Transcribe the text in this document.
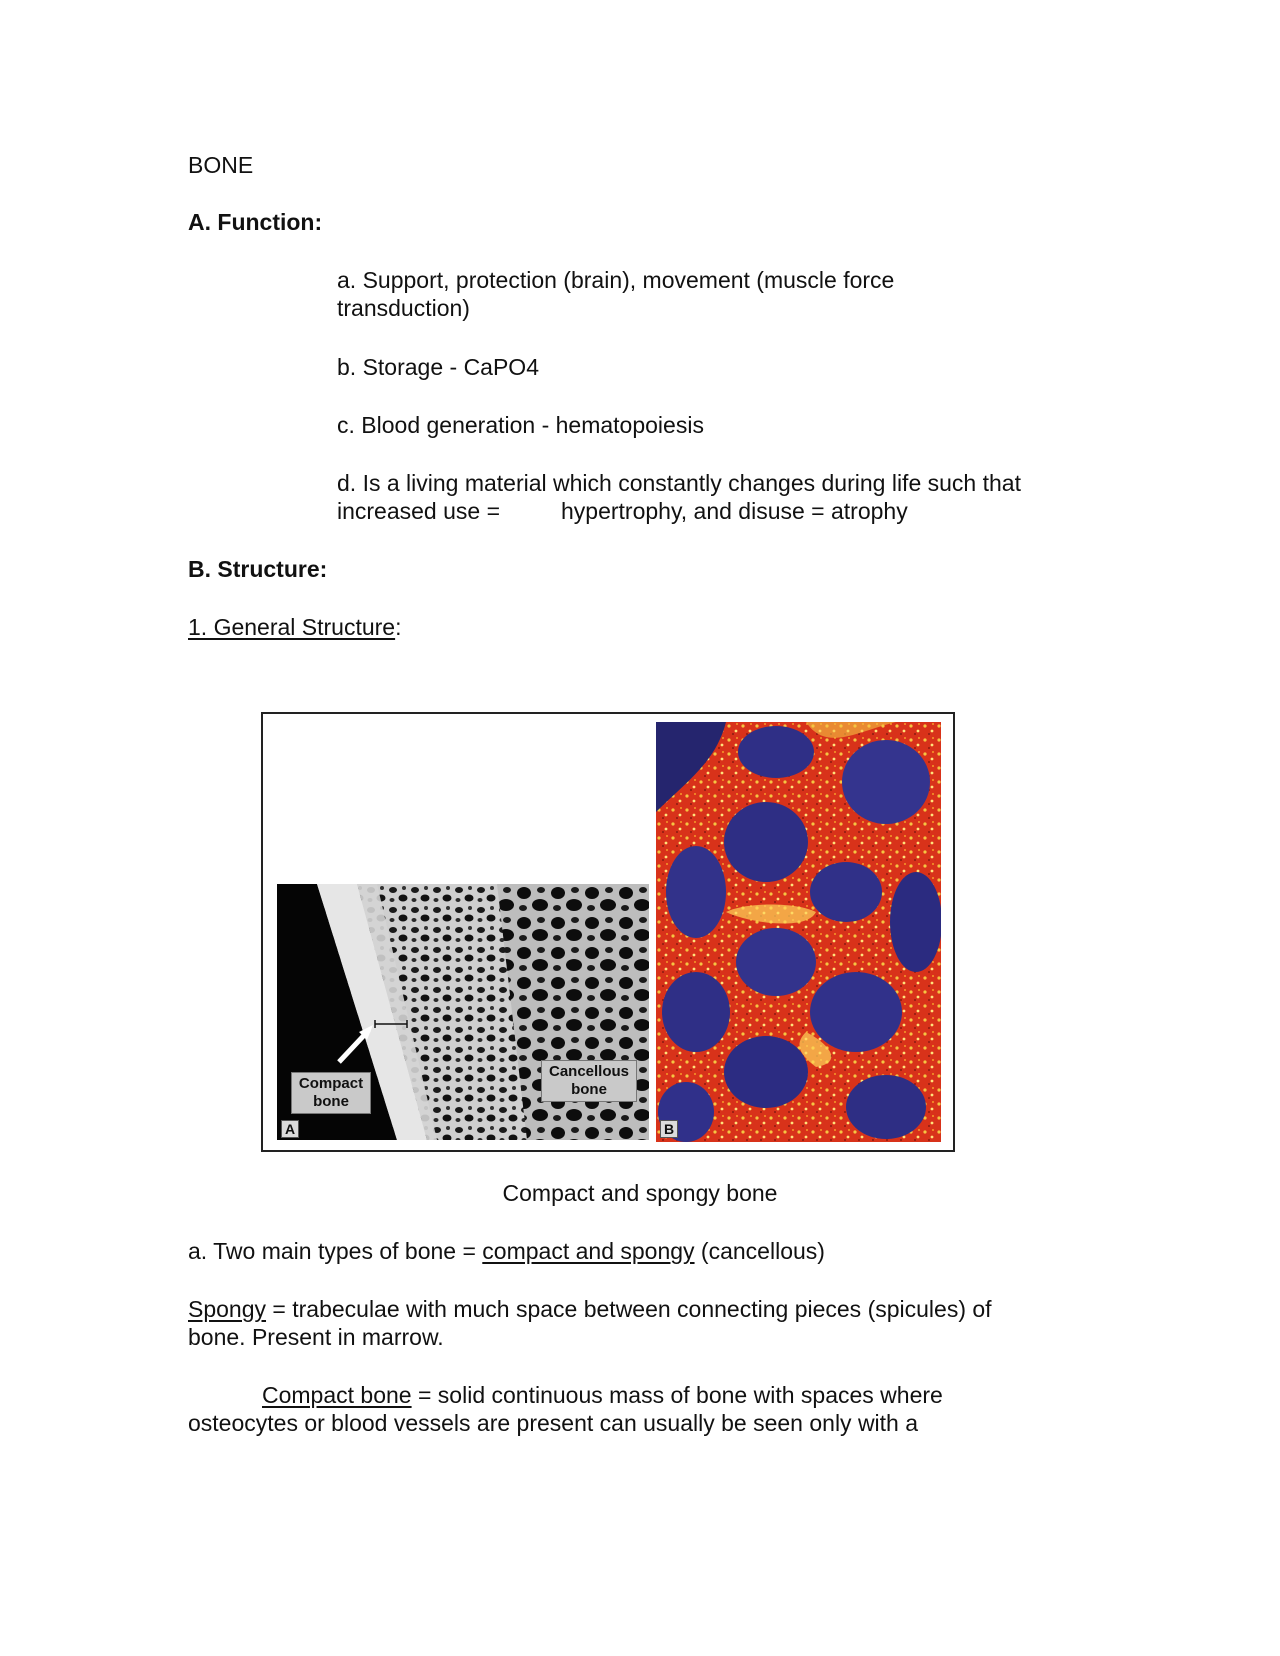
BONE

A. Function:

a. Support, protection (brain), movement (muscle force

transduction)

b. Storage - CaPO4

c. Blood generation - hematopoiesis

d. Is a living material which constantly changes during life such that

increased use =	hypertrophy, and disuse = atrophy

B. Structure:

1. General Structure:

Compact
bone
Cancellous
bone
A	B

Compact and spongy bone

a. Two main types of bone = compact and spongy (cancellous)

Spongy = trabeculae with much space between connecting pieces (spicules) of

bone. Present in marrow.

Compact bone = solid continuous mass of bone with spaces where

osteocytes or blood vessels are present can usually be seen only with a
